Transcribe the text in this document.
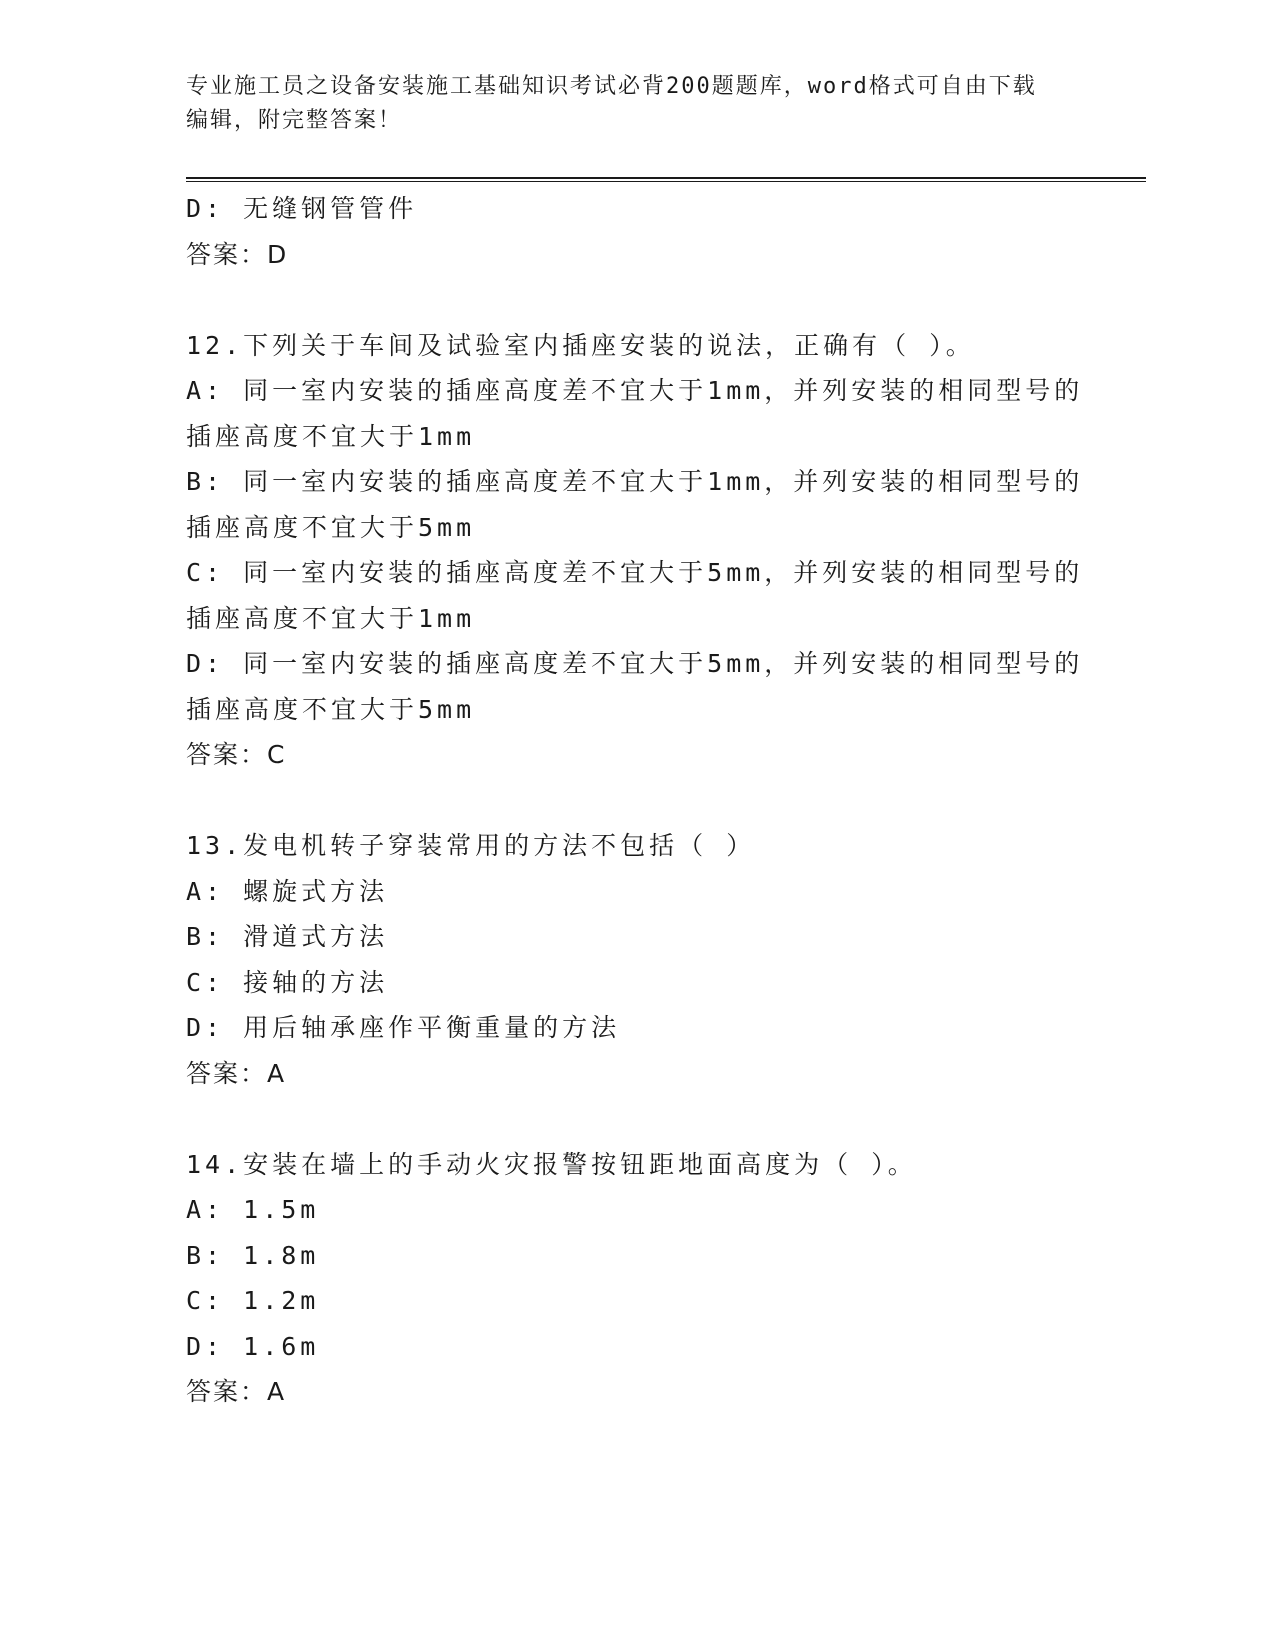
专业施工员之设备安装施工基础知识考试必背200题题库，word格式可自由下载
编辑，附完整答案！

D: 无缝钢管管件

答案：D

12.下列关于车间及试验室内插座安装的说法，正确有（ ）。

A: 同一室内安装的插座高度差不宜大于1mm，并列安装的相同型号的

插座高度不宜大于1mm

B: 同一室内安装的插座高度差不宜大于1mm，并列安装的相同型号的

插座高度不宜大于5mm

C: 同一室内安装的插座高度差不宜大于5mm，并列安装的相同型号的

插座高度不宜大于1mm

D: 同一室内安装的插座高度差不宜大于5mm，并列安装的相同型号的

插座高度不宜大于5mm

答案：C

13.发电机转子穿装常用的方法不包括（ ）

A: 螺旋式方法

B: 滑道式方法

C: 接轴的方法

D: 用后轴承座作平衡重量的方法

答案：A

14.安装在墙上的手动火灾报警按钮距地面高度为（ ）。

A: 1.5m

B: 1.8m

C: 1.2m

D: 1.6m

答案：A
